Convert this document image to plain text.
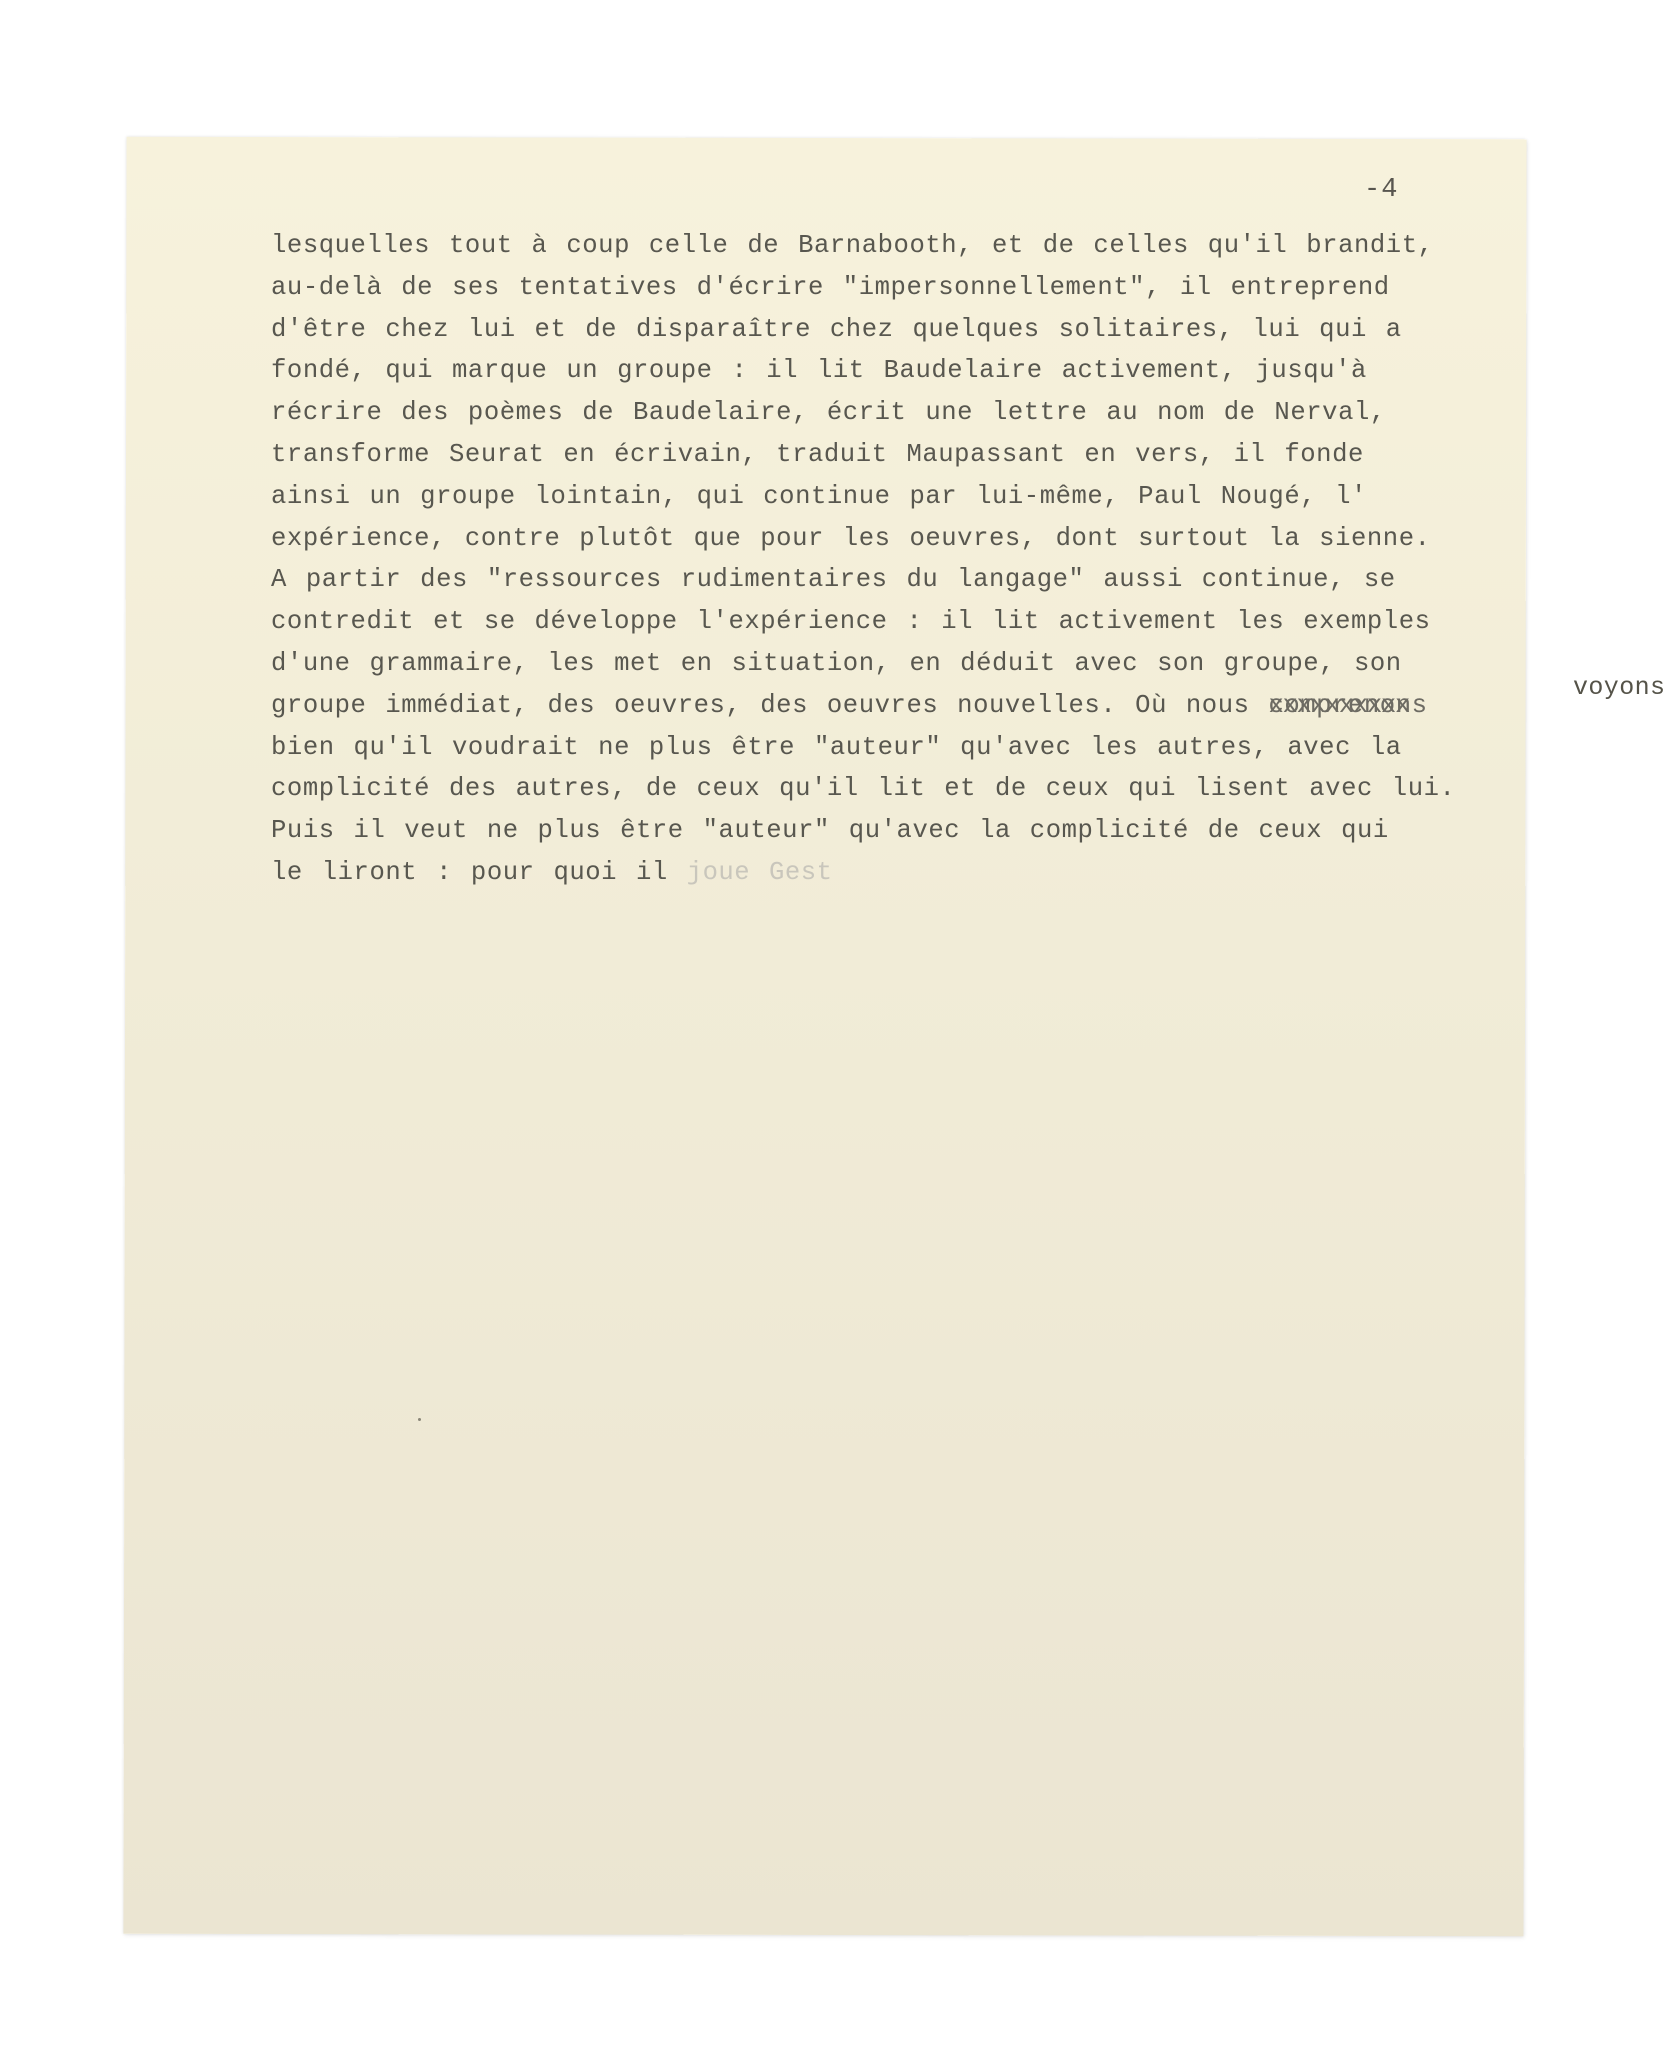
-4
lesquelles tout à coup celle de Barnabooth, et de celles qu'il brandit,
au-delà de ses tentatives d'écrire "impersonnellement", il entreprend
d'être chez lui et de disparaître chez quelques solitaires, lui qui a
fondé, qui marque un groupe : il lit Baudelaire activement, jusqu'à
récrire des poèmes de Baudelaire, écrit une lettre au nom de Nerval,
transforme Seurat en écrivain, traduit Maupassant en vers, il fonde
ainsi un groupe lointain, qui continue par lui-même, Paul Nougé, l'
expérience, contre plutôt que pour les oeuvres, dont surtout la sienne.
A partir des "ressources rudimentaires du langage" aussi continue, se
contredit et se développe l'expérience : il lit activement les exemples
d'une grammaire, les met en situation, en déduit avec son groupe, son
groupe immédiat, des oeuvres, des oeuvres nouvelles. Où nous comprenons xxxxxxxxxx
voyons
bien qu'il voudrait ne plus être "auteur" qu'avec les autres, avec la
complicité des autres, de ceux qu'il lit et de ceux qui lisent avec lui.
Puis il veut ne plus être "auteur" qu'avec la complicité de ceux qui
le liront : pour quoi il joue Gest
